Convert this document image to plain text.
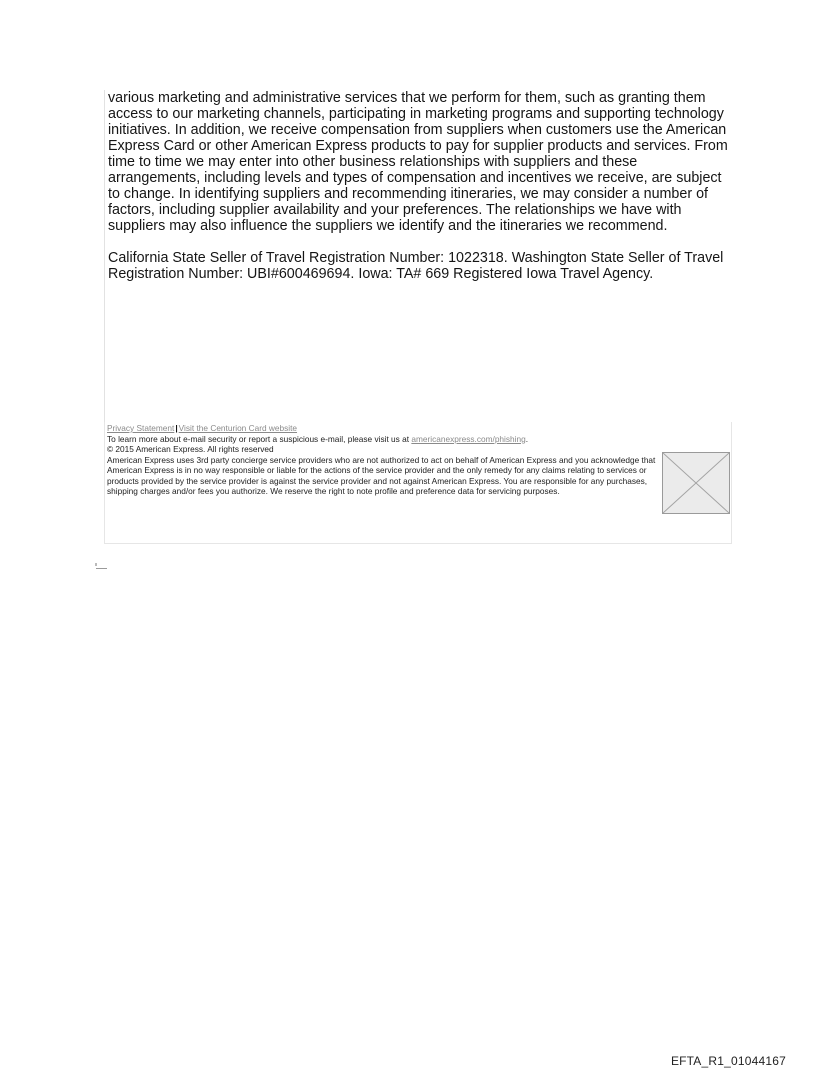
various marketing and administrative services that we perform for them, such as granting them access to our marketing channels, participating in marketing programs and supporting technology initiatives. In addition, we receive compensation from suppliers when customers use the American Express Card or other American Express products to pay for supplier products and services. From time to time we may enter into other business relationships with suppliers and these arrangements, including levels and types of compensation and incentives we receive, are subject to change. In identifying suppliers and recommending itineraries, we may consider a number of factors, including supplier availability and your preferences. The relationships we have with suppliers may also influence the suppliers we identify and the itineraries we recommend.

California State Seller of Travel Registration Number: 1022318. Washington State Seller of Travel Registration Number: UBI#600469694. Iowa: TA# 669 Registered Iowa Travel Agency.

Privacy Statement|Visit the Centurion Card website
To learn more about e-mail security or report a suspicious e-mail, please visit us at americanexpress.com/phishing.
© 2015 American Express. All rights reserved
American Express uses 3rd party concierge service providers who are not authorized to act on behalf of American Express and you acknowledge that American Express is in no way responsible or liable for the actions of the service provider and the only remedy for any claims relating to services or products provided by the service provider is against the service provider and not against American Express. You are responsible for any purchases, shipping charges and/or fees you authorize. We reserve the right to note profile and preference data for servicing purposes.
EFTA_R1_01044167
